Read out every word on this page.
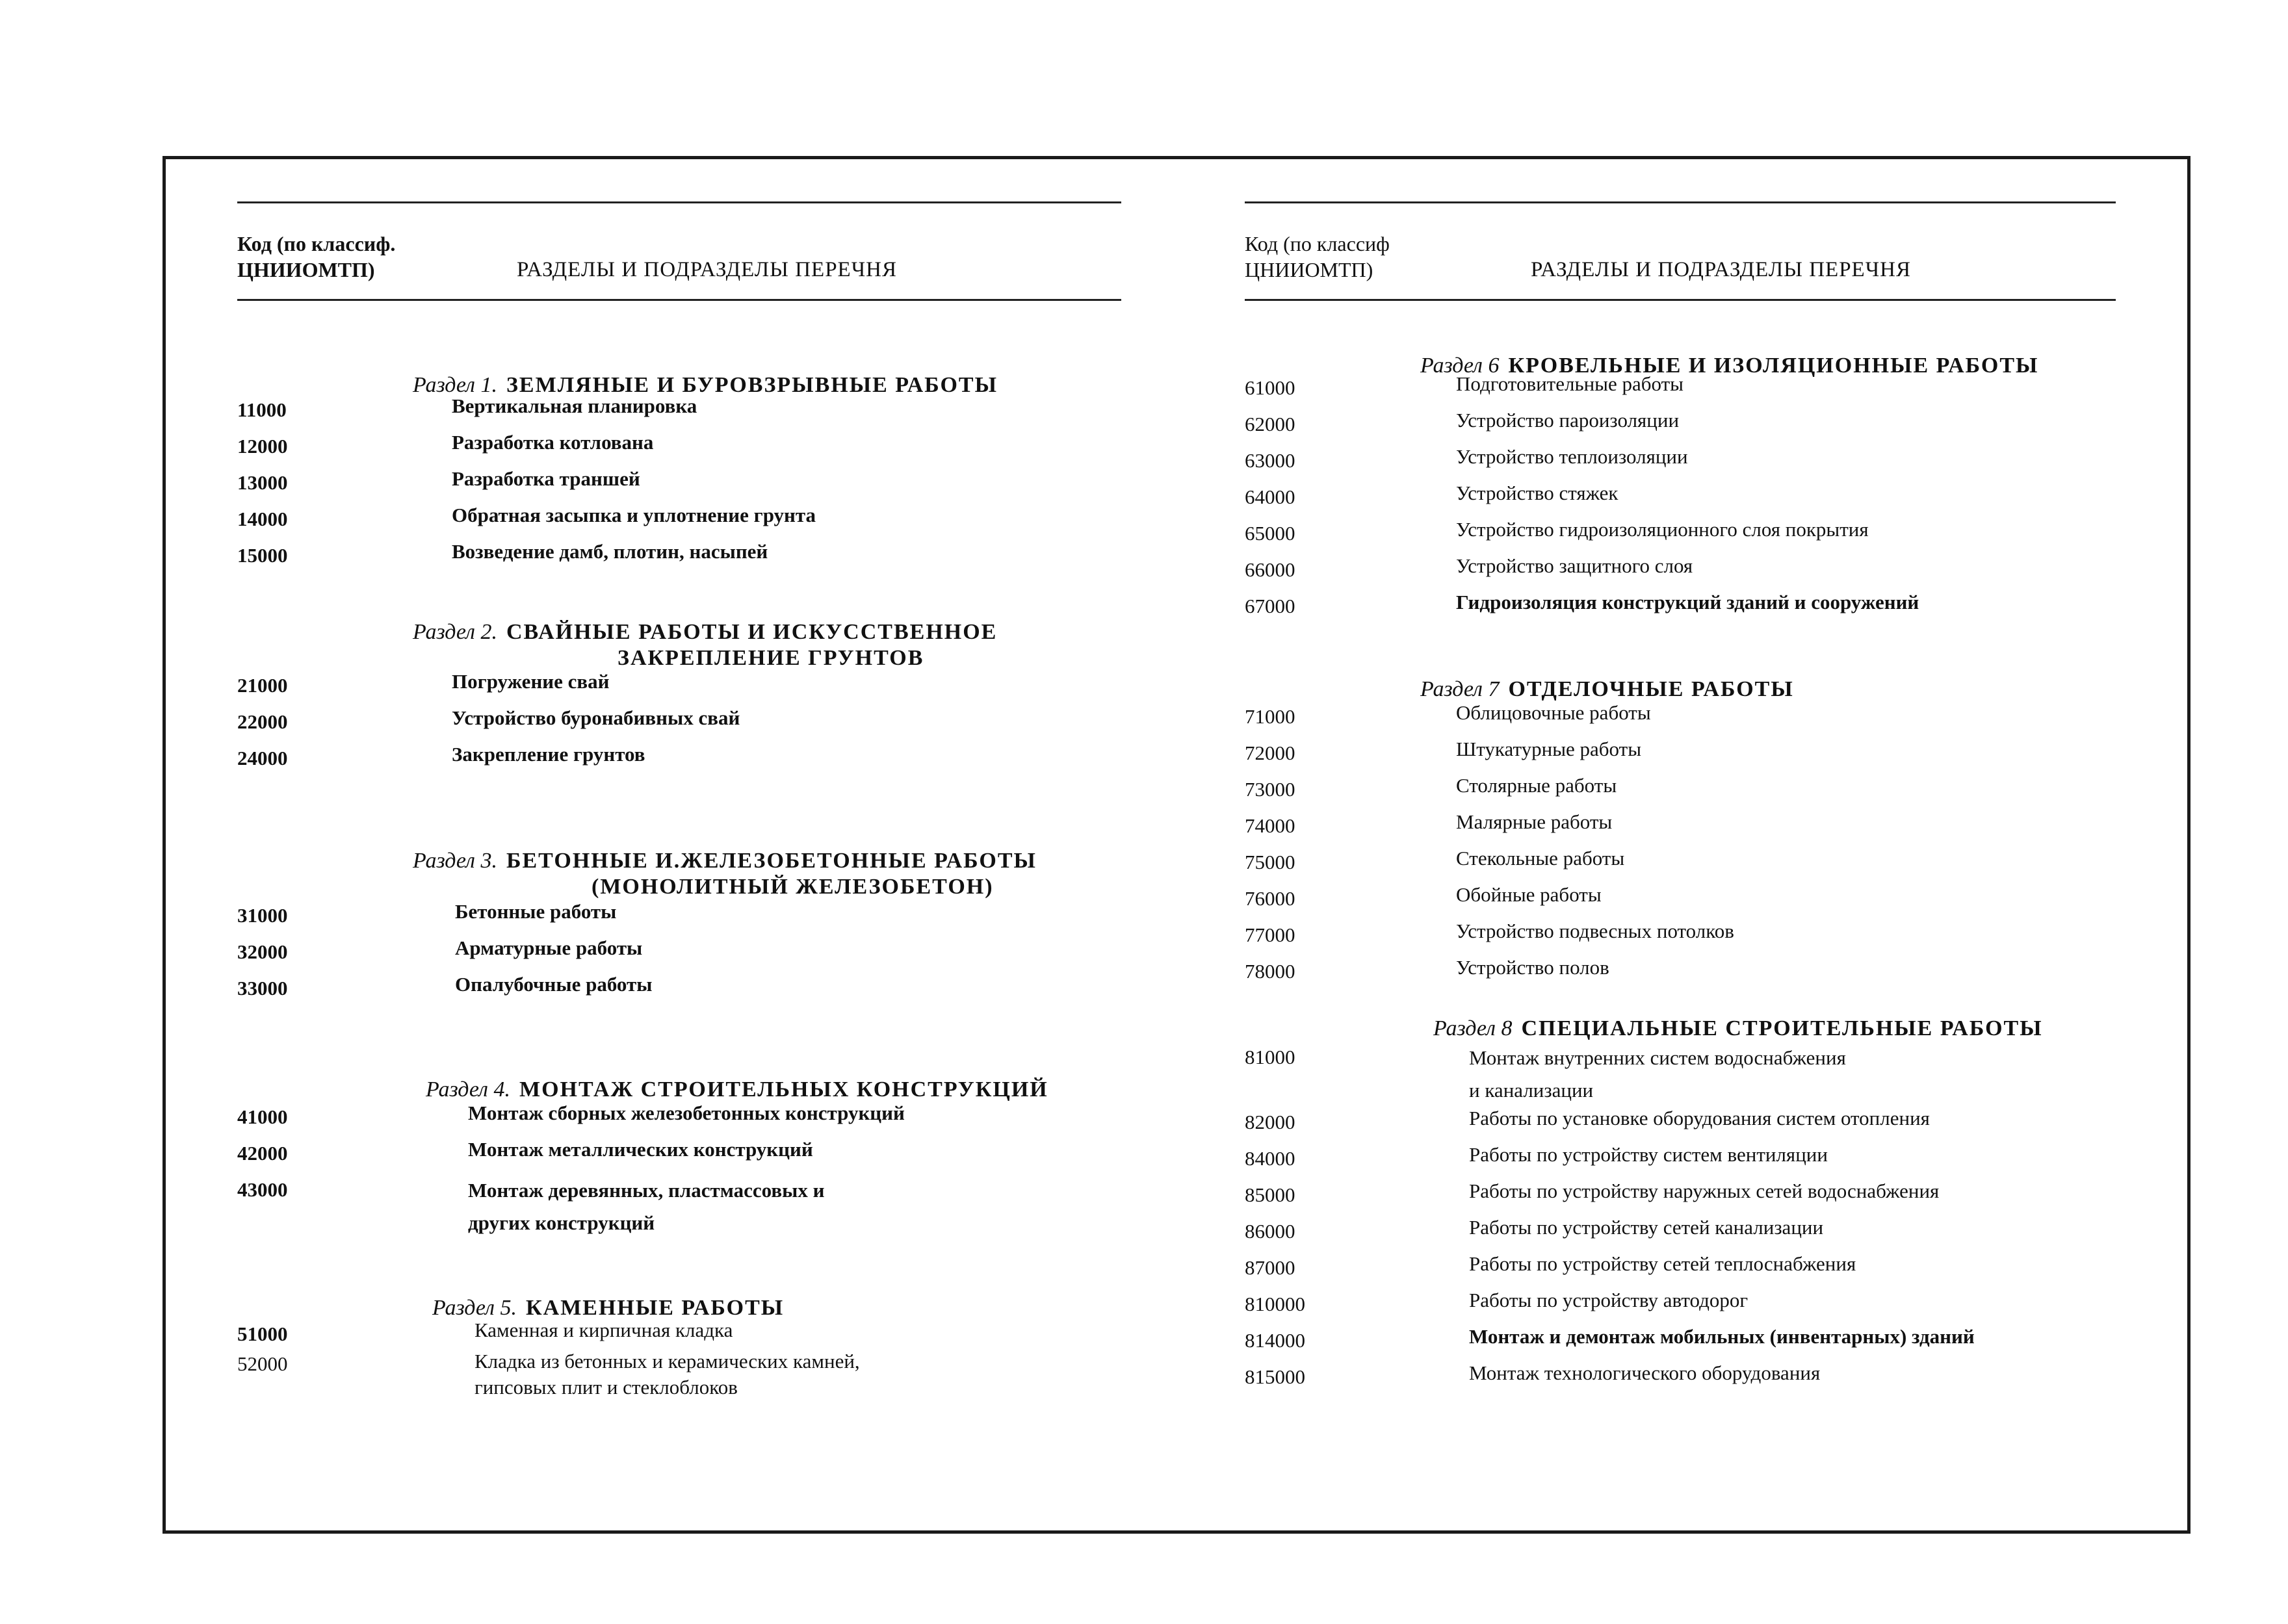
Код (по классиф.
ЦНИИОМТП)	РАЗДЕЛЫ И ПОДРАЗДЕЛЫ ПЕРЕЧНЯ
Раздел 1. ЗЕМЛЯНЫЕ И БУРОВЗРЫВНЫЕ РАБОТЫ
11000	Вертикальная планировка
12000	Разработка котлована
13000	Разработка траншей
14000	Обратная засыпка и уплотнение грунта
15000	Возведение дамб, плотин, насыпей
Раздел 2. СВАЙНЫЕ РАБОТЫ И ИСКУССТВЕННОЕ
ЗАКРЕПЛЕНИЕ ГРУНТОВ
21000	Погружение свай
22000	Устройство буронабивных свай
24000	Закрепление грунтов
Раздел 3. БЕТОННЫЕ И.ЖЕЛЕЗОБЕТОННЫЕ РАБОТЫ
(МОНОЛИТНЫЙ ЖЕЛЕЗОБЕТОН)
31000	Бетонные работы
32000	Арматурные работы
33000	Опалубочные работы
Раздел 4. МОНТАЖ СТРОИТЕЛЬНЫХ КОНСТРУКЦИЙ
41000	Монтаж сборных железобетонных конструкций
42000	Монтаж металлических конструкций
43000	Монтаж деревянных, пластмассовых и
других конструкций
Раздел 5. КАМЕННЫЕ РАБОТЫ
51000	Каменная и кирпичная кладка
52000	Кладка из бетонных и керамических камней,
гипсовых плит и стеклоблоков
Код (по классиф
ЦНИИОМТП)	РАЗДЕЛЫ И ПОДРАЗДЕЛЫ ПЕРЕЧНЯ
Раздел 6 КРОВЕЛЬНЫЕ И ИЗОЛЯЦИОННЫЕ РАБОТЫ
61000	Подготовительные работы
62000	Устройство пароизоляции
63000	Устройство теплоизоляции
64000	Устройство стяжек
65000	Устройство гидроизоляционного слоя покрытия
66000	Устройство защитного слоя
67000	Гидроизоляция конструкций зданий и сооружений
Раздел 7 ОТДЕЛОЧНЫЕ РАБОТЫ
71000	Облицовочные работы
72000	Штукатурные работы
73000	Столярные работы
74000	Малярные работы
75000	Стекольные работы
76000	Обойные работы
77000	Устройство подвесных потолков
78000	Устройство полов
Раздел 8 СПЕЦИАЛЬНЫЕ СТРОИТЕЛЬНЫЕ РАБОТЫ
81000	Монтаж внутренних систем водоснабжения
и канализации
82000	Работы по установке оборудования систем отопления
84000	Работы по устройству систем вентиляции
85000	Работы по устройству наружных сетей водоснабжения
86000	Работы по устройству сетей канализации
87000	Работы по устройству сетей теплоснабжения
810000	Работы по устройству автодорог
814000	Монтаж и демонтаж мобильных (инвентарных) зданий
815000	Монтаж технологического оборудования
